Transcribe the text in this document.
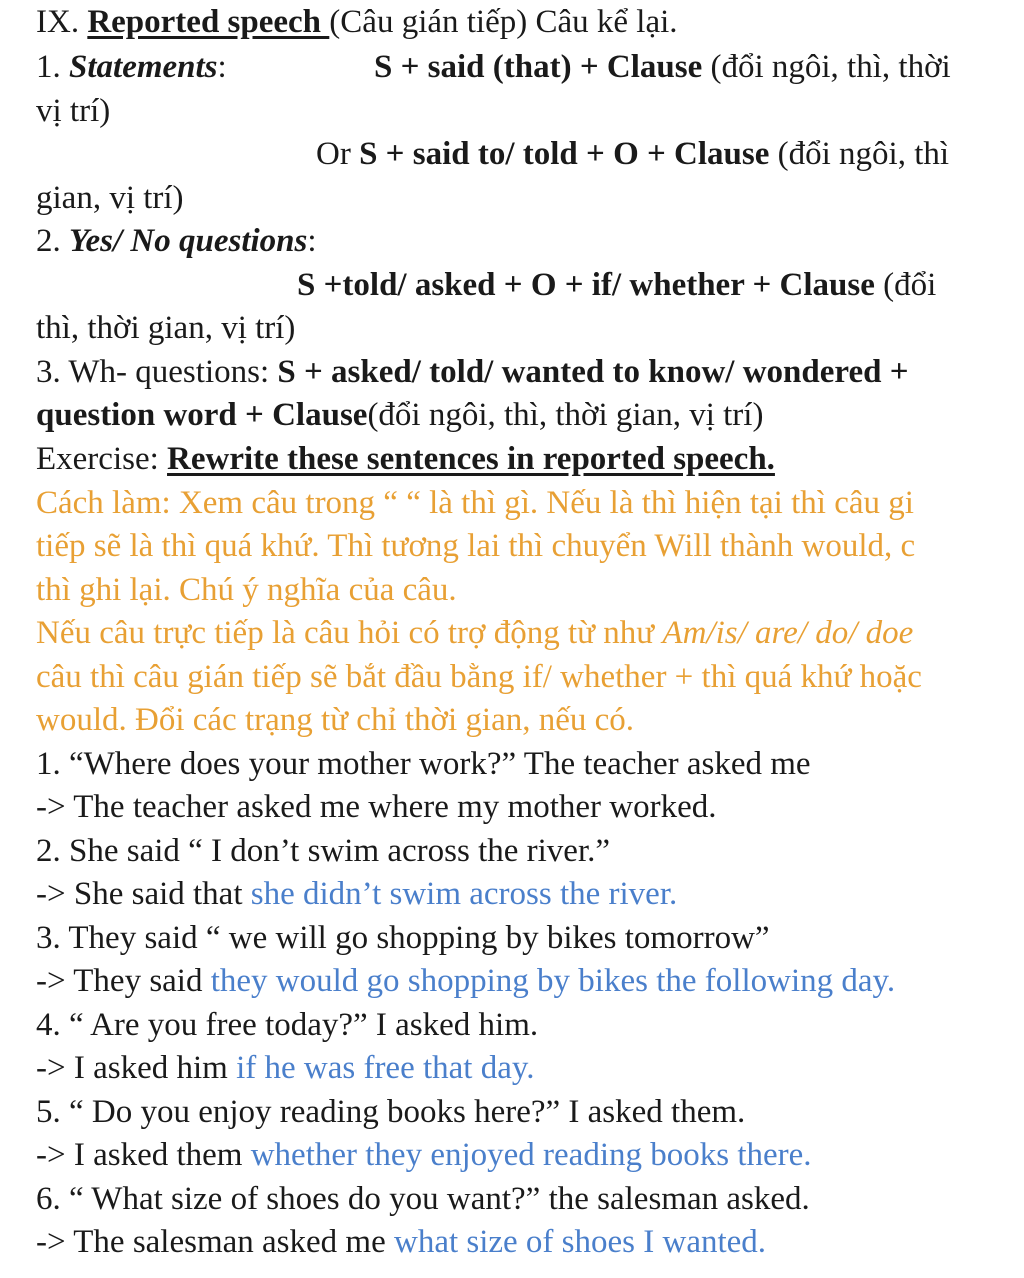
IX. Reported speech (Câu gián tiếp) Câu kể lại.
1. Statements:	S + said (that) + Clause (đổi ngôi, thì, thời
vị trí)
Or S + said to/ told + O + Clause (đổi ngôi, thì
gian, vị trí)
2. Yes/ No questions:
S +told/ asked + O + if/ whether + Clause (đổi
thì, thời gian, vị trí)
3. Wh- questions: S + asked/ told/ wanted to know/ wondered +
question word + Clause(đổi ngôi, thì, thời gian, vị trí)
Exercise: Rewrite these sentences in reported speech.
Cách làm: Xem câu trong “ “ là thì gì. Nếu là thì hiện tại thì câu gi
tiếp sẽ là thì quá khứ. Thì tương lai thì chuyển Will thành would, c
thì ghi lại. Chú ý nghĩa của câu.
Nếu câu trực tiếp là câu hỏi có trợ động từ như Am/is/ are/ do/ doe
câu thì câu gián tiếp sẽ bắt đầu bằng if/ whether + thì quá khứ hoặc
would. Đổi các trạng từ chỉ thời gian, nếu có.
1. “Where does your mother work?” The teacher asked me
-> The teacher asked me where my mother worked.
2. She said “ I don’t swim across the river.”
-> She said that she didn’t swim across the river.
3. They said “ we will go shopping by bikes tomorrow”
-> They said they would go shopping by bikes the following day.
4. “ Are you free today?” I asked him.
-> I asked him if he was free that day.
5. “ Do you enjoy reading books here?” I asked them.
-> I asked them whether they enjoyed reading books there.
6. “ What size of shoes do you want?” the salesman asked.
-> The salesman asked me what size of shoes I wanted.
